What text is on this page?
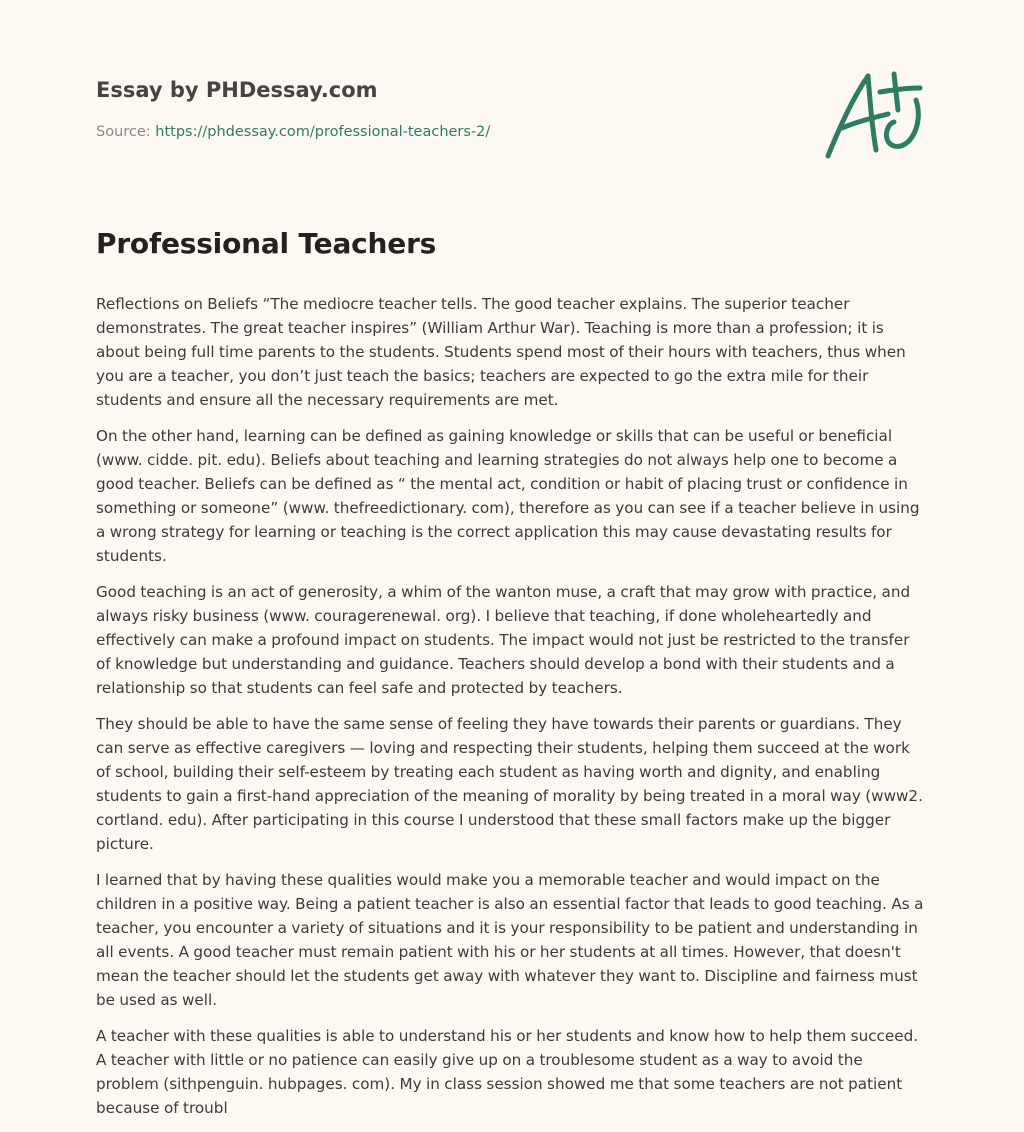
Essay by PHDessay.com
Source: https://phdessay.com/professional-teachers-2/
Professional Teachers

Reflections on Beliefs “The mediocre teacher tells. The good teacher explains. The superior teacher demonstrates. The great teacher inspires” (William Arthur War). Teaching is more than a profession; it is about being full time parents to the students. Students spend most of their hours with teachers, thus when you are a teacher, you don’t just teach the basics; teachers are expected to go the extra mile for their students and ensure all the necessary requirements are met.

On the other hand, learning can be defined as gaining knowledge or skills that can be useful or beneficial (www. cidde. pit. edu). Beliefs about teaching and learning strategies do not always help one to become a good teacher. Beliefs can be defined as “ the mental act, condition or habit of placing trust or confidence in something or someone” (www. thefreedictionary. com), therefore as you can see if a teacher believe in using a wrong strategy for learning or teaching is the correct application this may cause devastating results for students.

Good teaching is an act of generosity, a whim of the wanton muse, a craft that may grow with practice, and always risky business (www. couragerenewal. org). I believe that teaching, if done wholeheartedly and effectively can make a profound impact on students. The impact would not just be restricted to the transfer of knowledge but understanding and guidance. Teachers should develop a bond with their students and a relationship so that students can feel safe and protected by teachers.

They should be able to have the same sense of feeling they have towards their parents or guardians. They can serve as effective caregivers — loving and respecting their students, helping them succeed at the work of school, building their self-esteem by treating each student as having worth and dignity, and enabling students to gain a first-hand appreciation of the meaning of morality by being treated in a moral way (www2. cortland. edu). After participating in this course I understood that these small factors make up the bigger picture.

I learned that by having these qualities would make you a memorable teacher and would impact on the children in a positive way. Being a patient teacher is also an essential factor that leads to good teaching. As a teacher, you encounter a variety of situations and it is your responsibility to be patient and understanding in all events. A good teacher must remain patient with his or her students at all times. However, that doesn't mean the teacher should let the students get away with whatever they want to. Discipline and fairness must be used as well.

A teacher with these qualities is able to understand his or her students and know how to help them succeed. A teacher with little or no patience can easily give up on a troublesome student as a way to avoid the problem (sithpenguin. hubpages. com). My in class session showed me that some teachers are not patient because of troubl
